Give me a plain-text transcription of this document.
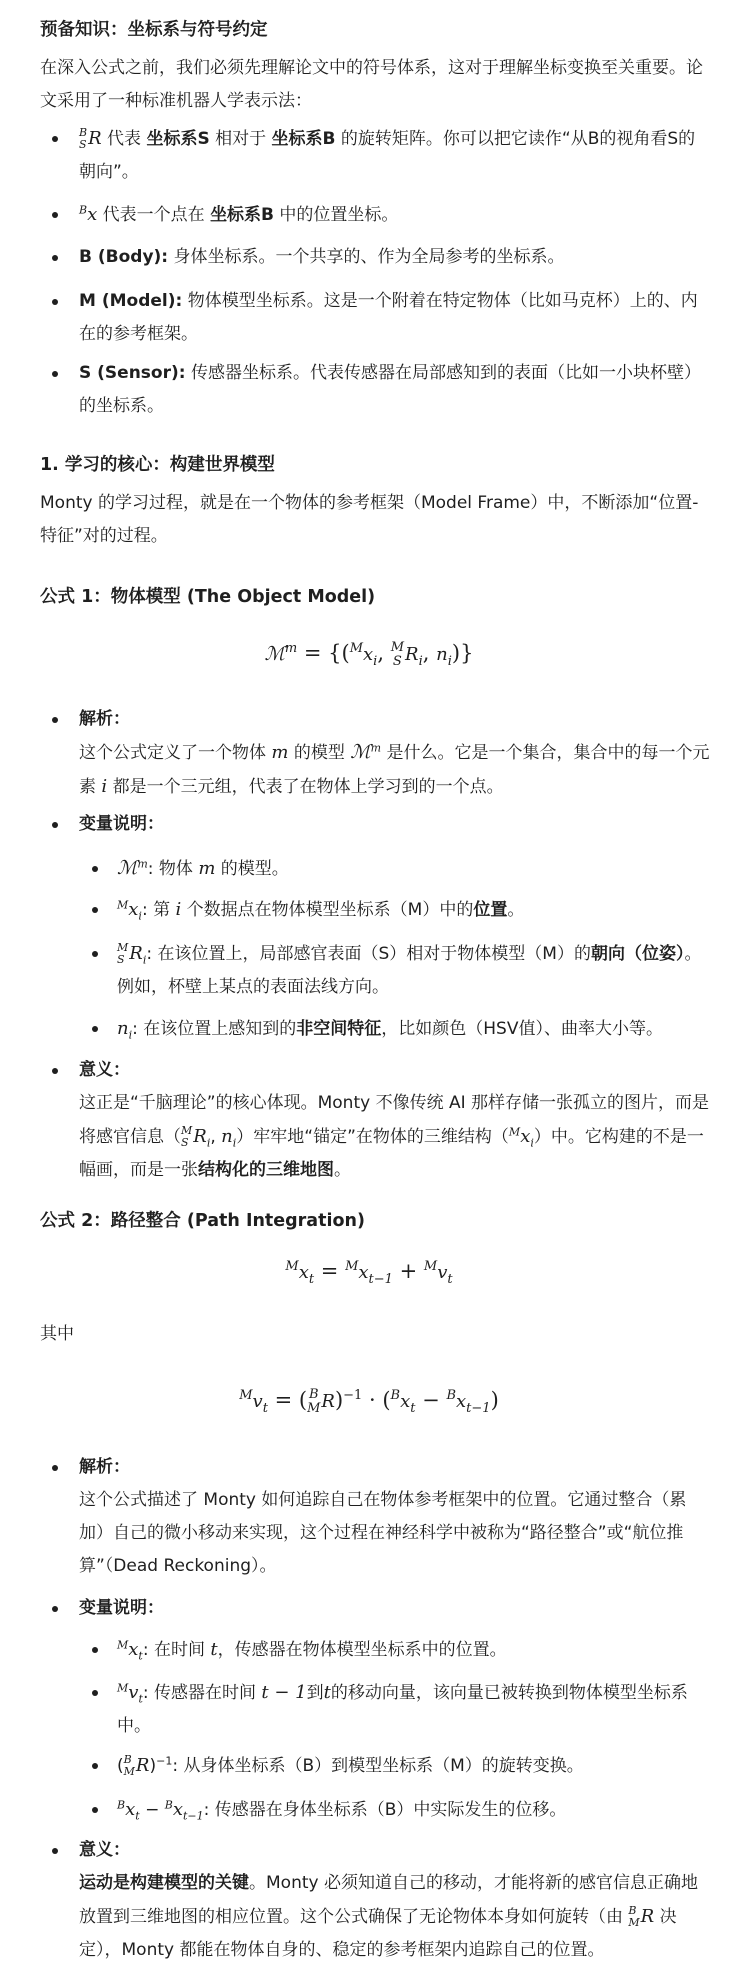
预备知识：坐标系与符号约定
在深入公式之前，我们必须先理解论文中的符号体系，这对于理解坐标变换至关重要。论文采用了一种标准机器人学表示法：
B
S R 代表 坐标系S 相对于 坐标系B 的旋转矩阵。你可以把它读作“从B的视角看S的朝向”。
$^B$x 代表一个点在 坐标系B 中的位置坐标。
B (Body): 身体坐标系。一个共享的、作为全局参考的坐标系。
M (Model): 物体模型坐标系。这是一个附着在特定物体（比如马克杯）上的、内在的参考框架。
S (Sensor): 传感器坐标系。代表传感器在局部感知到的表面（比如一小块杯壁）的坐标系。
1. 学习的核心：构建世界模型
Monty 的学习过程，就是在一个物体的参考框架（Model Frame）中，不断添加“位置-特征”对的过程。
公式 1：物体模型 (The Object Model)
ℳ$^m$ = {($^Mx_i$, M
S $R_i$, $n_i$)}
解析：
这个公式定义了一个物体 m 的模型 ℳ$^m$ 是什么。它是一个集合，集合中的每一个元素 i 都是一个三元组，代表了在物体上学习到的一个点。
变量说明：
ℳ$^m$: 物体 m 的模型。
$^Mx_i$: 第 i 个数据点在物体模型坐标系（M）中的位置。
M
S $R_i$: 在该位置上，局部感官表面（S）相对于物体模型（M）的朝向（位姿）。例如，杯壁上某点的表面法线方向。
$n_i$: 在该位置上感知到的非空间特征，比如颜色（HSV值）、曲率大小等。
意义：
这正是“千脑理论”的核心体现。Monty 不像传统 AI 那样存储一张孤立的图片，而是将感官信息（ M
S $R_i$, $n_i$）牢牢地“锚定”在物体的三维结构$(^Mx_i)$中。它构建的不是一幅画，而是一张结构化的三维地图。
公式 2：路径整合 (Path Integration)
$^Mx_t = ^Mx_{t-1} + ^Mv_t$
其中
$^Mv_t$ = ( B
M $R)^{-1} \cdot (^Bx_t - ^Bx_{t-1})$
解析：
这个公式描述了 Monty 如何追踪自己在物体参考框架中的位置。它通过整合（累加）自己的微小移动来实现，这个过程在神经科学中被称为“路径整合”或“航位推算”（Dead Reckoning）。
变量说明：
$^Mx_t$: 在时间 t，传感器在物体模型坐标系中的位置。
$^Mv_t$: 传感器在时间 t − 1到t的移动向量，该向量已被转换到物体模型坐标系中。
( B
M R)$^{-1}$: 从身体坐标系（B）到模型坐标系（M）的旋转变换。
$^Bx_t - ^Bx_{t-1}$: 传感器在身体坐标系（B）中实际发生的位移。
意义：
运动是构建模型的关键。Monty 必须知道自己的移动，才能将新的感官信息正确地放置到三维地图的相应位置。这个公式确保了无论物体本身如何旋转（由 B
M R 决定），Monty 都能在物体自身的、稳定的参考框架内追踪自己的位置。
